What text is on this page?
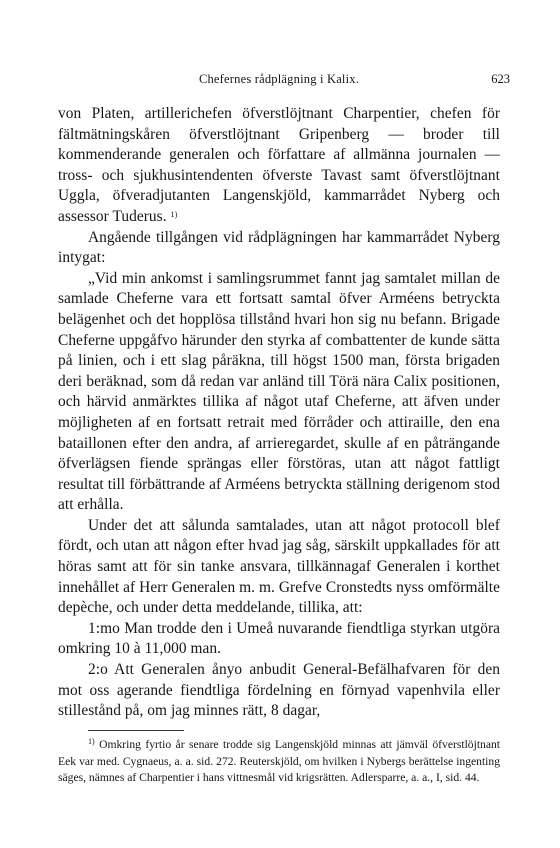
Chefernes rådplägning i Kalix.	623

von Platen, artillerichefen öfverstlöjtnant Charpentier, chefen för fältmätningskåren öfverstlöjtnant Gripenberg — broder till kommenderande generalen och författare af allmänna journalen — tross- och sjukhusintendenten öfverste Tavast samt öfverstlöjtnant Uggla, öfveradjutanten Langenskjöld, kammarrådet Nyberg och assessor Tuderus. $^{1)}$

Angående tillgången vid rådplägningen har kammarrådet Nyberg intygat:

„Vid min ankomst i samlingsrummet fannt jag samtalet millan de samlade Cheferne vara ett fortsatt samtal öfver Arméens betryckta belägenhet och det hopplösa tillstånd hvari hon sig nu befann. Brigade Cheferne uppgåfvo härunder den styrka af combattenter de kunde sätta på linien, och i ett slag påräkna, till högst 1500 man, första brigaden deri beräknad, som då redan var anländ till Törä nära Calix positionen, och härvid anmärktes tillika af något utaf Cheferne, att äfven under möjligheten af en fortsatt retrait med förråder och attiraille, den ena bataillonen efter den andra, af arrieregardet, skulle af en påträngande öfverlägsen fiende sprängas eller förstöras, utan att något fattligt resultat till förbättrande af Arméens betryckta ställning derigenom stod att erhålla.

Under det att sålunda samtalades, utan att något protocoll blef fördt, och utan att någon efter hvad jag såg, särskilt uppkallades för att höras samt att för sin tanke ansvara, tillkännagaf Generalen i korthet innehållet af Herr Generalen m. m. Grefve Cronstedts nyss omförmälte depèche, och under detta meddelande, tillika, att:

1:mo Man trodde den i Umeå nuvarande fiendtliga styrkan utgöra omkring 10 à 11,000 man.

2:o Att Generalen ånyo anbudit General-Befälhafvaren för den mot oss agerande fiendtliga fördelning en förnyad vapenhvila eller stillestånd på, om jag minnes rätt, 8 dagar,

$^{1)}$ Omkring fyrtio år senare trodde sig Langenskjöld minnas att jämväl öfverstlöjtnant Eek var med. Cygnaeus, a. a. sid. 272. Reuterskjöld, om hvilken i Nybergs berättelse ingenting säges, nämnes af Charpentier i hans vittnesmål vid krigsrätten. Adlersparre, a. a., I, sid. 44.
